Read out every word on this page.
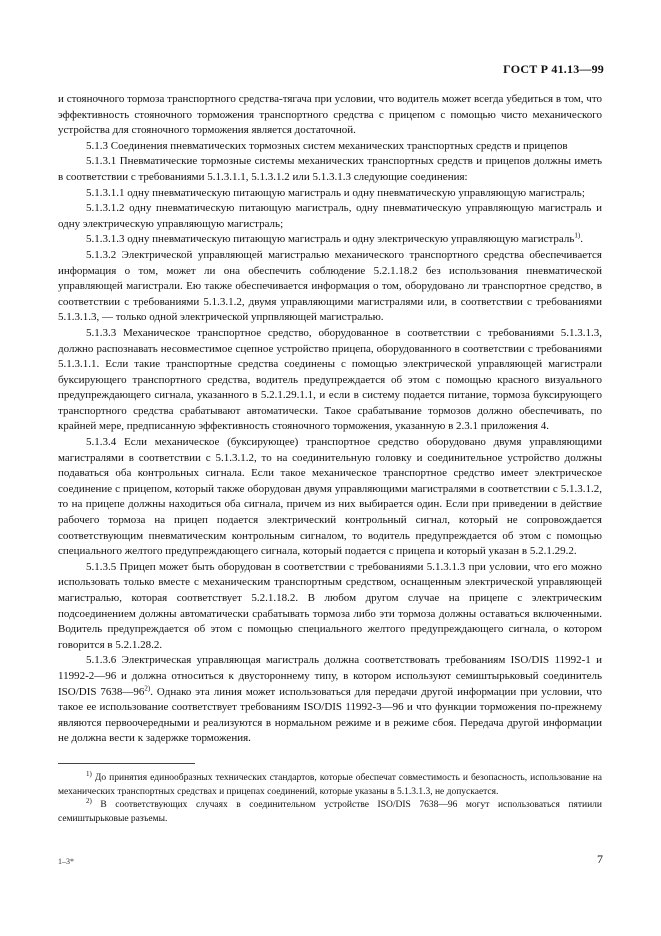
ГОСТ Р 41.13—99

и стояночного тормоза транспортного средства-тягача при условии, что водитель может всегда убедиться в том, что эффективность стояночного торможения транспортного средства с прицепом с помощью чисто механического устройства для стояночного торможения является достаточной.

5.1.3 Соединения пневматических тормозных систем механических транспортных средств и прицепов

5.1.3.1 Пневматические тормозные системы механических транспортных средств и прицепов должны иметь в соответствии с требованиями 5.1.3.1.1, 5.1.3.1.2 или 5.1.3.1.3 следующие соединения:

5.1.3.1.1 одну пневматическую питающую магистраль и одну пневматическую управляющую магистраль;

5.1.3.1.2 одну пневматическую питающую магистраль, одну пневматическую управляющую магистраль и одну электрическую управляющую магистраль;

5.1.3.1.3 одну пневматическую питающую магистраль и одну электрическую управляющую магистраль$^{1)}$.

5.1.3.2 Электрической управляющей магистралью механического транспортного средства обеспечивается информация о том, может ли она обеспечить соблюдение 5.2.1.18.2 без использования пневматической управляющей магистрали. Ею также обеспечивается информация о том, оборудовано ли транспортное средство, в соответствии с требованиями 5.1.3.1.2, двумя управляющими магистралями или, в соответствии с требованиями 5.1.3.1.3, — только одной электрической упрпвляющей магистралью.

5.1.3.3 Механическое транспортное средство, оборудованное в соответствии с требованиями 5.1.3.1.3, должно распознавать несовместимое сцепное устройство прицепа, оборудованного в соответствии с требованиями 5.1.3.1.1. Если такие транспортные средства соединены с помощью электрической управляющей магистрали буксирующего транспортного средства, водитель предупреждается об этом с помощью красного визуального предупреждающего сигнала, указанного в 5.2.1.29.1.1, и если в систему подается питание, тормоза буксирующего транспортного средства срабатывают автоматически. Такое срабатывание тормозов должно обеспечивать, по крайней мере, предписанную эффективность стояночного торможения, указанную в 2.3.1 приложения 4.

5.1.3.4 Если механическое (буксирующее) транспортное средство оборудовано двумя управляющими магистралями в соответствии с 5.1.3.1.2, то на соединительную головку и соединительное устройство должны подаваться оба контрольных сигнала. Если такое механическое транспортное средство имеет электрическое соединение с прицепом, который также оборудован двумя управляющими магистралями в соответствии с 5.1.3.1.2, то на прицепе должны находиться оба сигнала, причем из них выбирается один. Если при приведении в действие рабочего тормоза на прицеп подается электрический контрольный сигнал, который не сопровождается соответствующим пневматическим контрольным сигналом, то водитель предупреждается об этом с помощью специального желтого предупреждающего сигнала, который подается с прицепа и который указан в 5.2.1.29.2.

5.1.3.5 Прицеп может быть оборудован в соответствии с требованиями 5.1.3.1.3 при условии, что его можно использовать только вместе с механическим транспортным средством, оснащенным электрической управляющей магистралью, которая соответствует 5.2.1.18.2. В любом другом случае на прицепе с электрическим подсоединением должны автоматически срабатывать тормоза либо эти тормоза должны оставаться включенными. Водитель предупреждается об этом с помощью специального желтого предупреждающего сигнала, о котором говорится в 5.2.1.28.2.

5.1.3.6 Электрическая управляющая магистраль должна соответствовать требованиям ISO/DIS 11992-1 и 11992-2—96 и должна относиться к двустороннему типу, в котором используют семиштырьковый соединитель ISO/DIS 7638—96$^{2)}$. Однако эта линия может использоваться для передачи другой информации при условии, что такое ее использование соответствует требованиям ISO/DIS 11992-3—96 и что функции торможения по-прежнему являются первоочередными и реализуются в нормальном режиме и в режиме сбоя. Передача другой информации не должна вести к задержке торможения.

$^{1)}$ До принятия единообразных технических стандартов, которые обеспечат совместимость и безопасность, использование на механических транспортных средствах и прицепах соединений, которые указаны в 5.1.3.1.3, не допускается.

$^{2)}$ В соответствующих случаях в соединительном устройстве ISO/DIS 7638—96 могут использоваться пятиили семиштырьковые разъемы.

1–3*	7
